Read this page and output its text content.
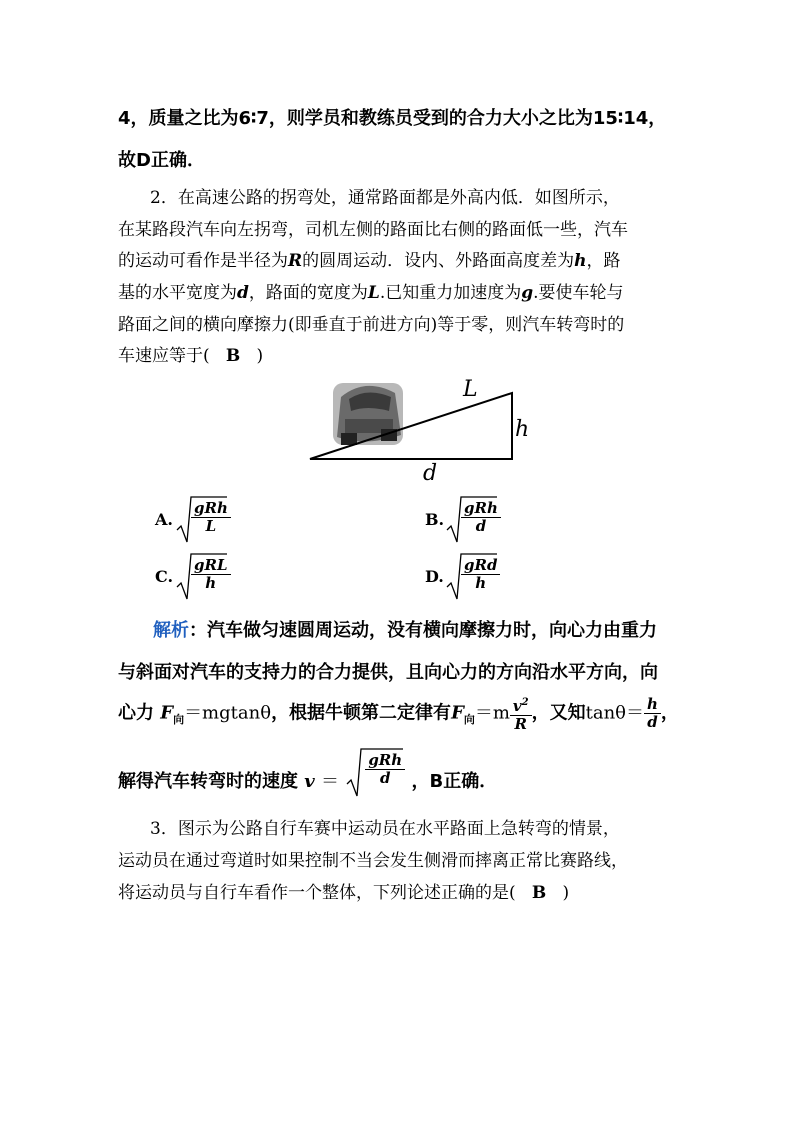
4，质量之比为6∶7，则学员和教练员受到的合力大小之比为15∶14，
故D正确．
2．在高速公路的拐弯处，通常路面都是外高内低．如图所示，
在某路段汽车向左拐弯，司机左侧的路面比右侧的路面低一些，汽车
的运动可看作是半径为R的圆周运动．设内、外路面高度差为h，路
基的水平宽度为d，路面的宽度为L.已知重力加速度为g.要使车轮与
路面之间的横向摩擦力(即垂直于前进方向)等于零，则汽车转弯时的
车速应等于( B )
L
h
d
A. $\frac{\text{gRh}}{L}$	B. $\frac{\text{gRh}}{d}$
C. $\frac{\text{gRL}}{h}$	D. $\frac{\text{gRd}}{h}$
解析：汽车做匀速圆周运动，没有横向摩擦力时，向心力由重力
与斜面对汽车的支持力的合力提供，且向心力的方向沿水平方向，向
心力 $F_向=mgtan\theta$，根据牛顿第二定律有$F_向=m \frac{v^2}{R}$ ，又知$\tan\theta= \frac{h}{d}$ ，
解得汽车转弯时的速度 $v = \frac{\text{gRh}}{d}$ ，B正确．
3．图示为公路自行车赛中运动员在水平路面上急转弯的情景，
运动员在通过弯道时如果控制不当会发生侧滑而摔离正常比赛路线，
将运动员与自行车看作一个整体，下列论述正确的是( B )
